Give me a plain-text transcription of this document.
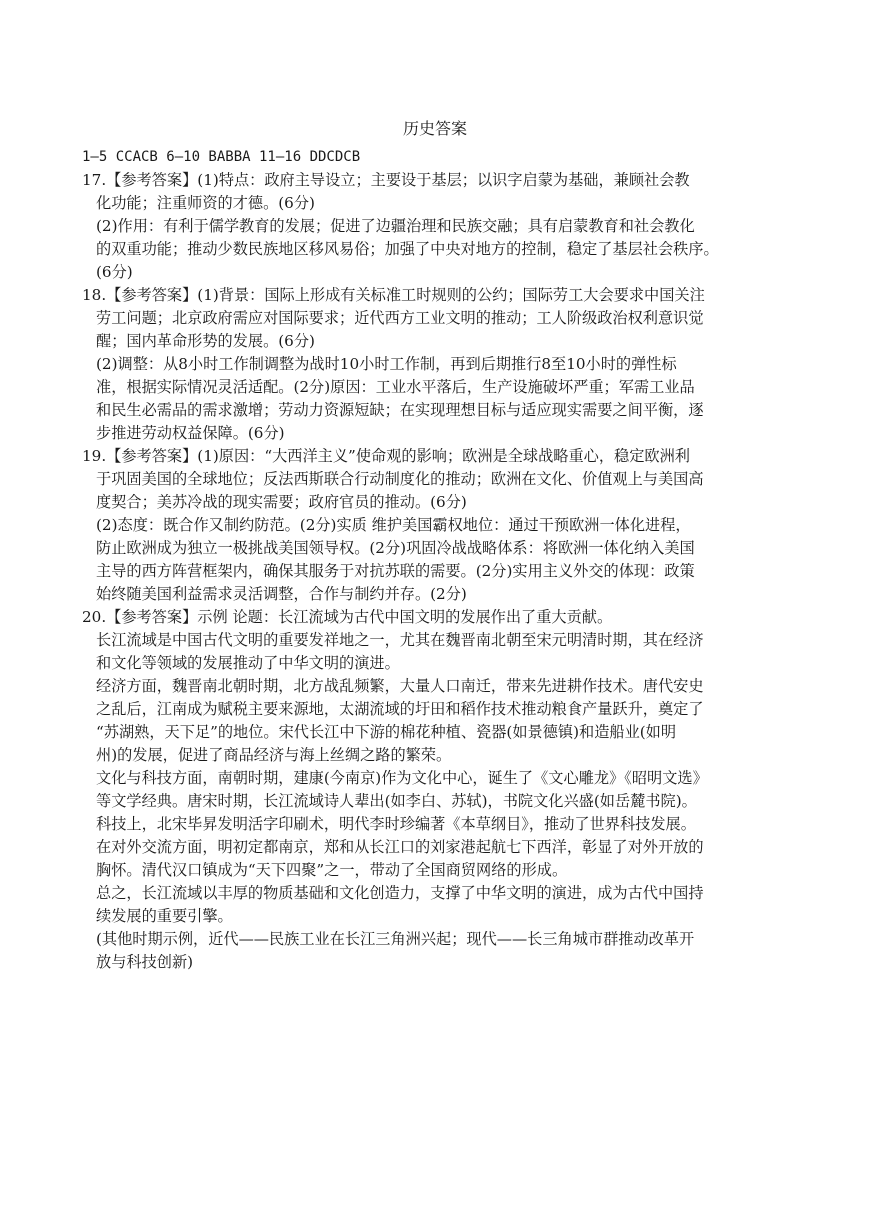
历史答案
1—5 CCACB 6—10 BABBA 11—16 DDCDCB
17.【参考答案】(1)特点：政府主导设立；主要设于基层；以识字启蒙为基础，兼顾社会教
化功能；注重师资的才德。(6分)
(2)作用：有利于儒学教育的发展；促进了边疆治理和民族交融；具有启蒙教育和社会教化
的双重功能；推动少数民族地区移风易俗；加强了中央对地方的控制，稳定了基层社会秩序。
(6分)
18.【参考答案】(1)背景：国际上形成有关标准工时规则的公约；国际劳工大会要求中国关注
劳工问题；北京政府需应对国际要求；近代西方工业文明的推动；工人阶级政治权利意识觉
醒；国内革命形势的发展。(6分)
(2)调整：从8小时工作制调整为战时10小时工作制，再到后期推行8至10小时的弹性标
准，根据实际情况灵活适配。(2分)原因：工业水平落后，生产设施破坏严重；军需工业品
和民生必需品的需求激增；劳动力资源短缺；在实现理想目标与适应现实需要之间平衡，逐
步推进劳动权益保障。(6分)
19.【参考答案】(1)原因：“大西洋主义”使命观的影响；欧洲是全球战略重心，稳定欧洲利
于巩固美国的全球地位；反法西斯联合行动制度化的推动；欧洲在文化、价值观上与美国高
度契合；美苏冷战的现实需要；政府官员的推动。(6分)
(2)态度：既合作又制约防范。(2分)实质 维护美国霸权地位：通过干预欧洲一体化进程，
防止欧洲成为独立一极挑战美国领导权。(2分)巩固冷战战略体系：将欧洲一体化纳入美国
主导的西方阵营框架内，确保其服务于对抗苏联的需要。(2分)实用主义外交的体现：政策
始终随美国利益需求灵活调整，合作与制约并存。(2分)
20.【参考答案】示例 论题：长江流域为古代中国文明的发展作出了重大贡献。
长江流域是中国古代文明的重要发祥地之一，尤其在魏晋南北朝至宋元明清时期，其在经济
和文化等领域的发展推动了中华文明的演进。
经济方面，魏晋南北朝时期，北方战乱频繁，大量人口南迁，带来先进耕作技术。唐代安史
之乱后，江南成为赋税主要来源地，太湖流域的圩田和稻作技术推动粮食产量跃升，奠定了
“苏湖熟，天下足”的地位。宋代长江中下游的棉花种植、瓷器(如景德镇)和造船业(如明
州)的发展，促进了商品经济与海上丝绸之路的繁荣。
文化与科技方面，南朝时期，建康(今南京)作为文化中心，诞生了《文心雕龙》《昭明文选》
等文学经典。唐宋时期，长江流域诗人辈出(如李白、苏轼)，书院文化兴盛(如岳麓书院)。
科技上，北宋毕昇发明活字印刷术，明代李时珍编著《本草纲目》，推动了世界科技发展。
在对外交流方面，明初定都南京，郑和从长江口的刘家港起航七下西洋，彰显了对外开放的
胸怀。清代汉口镇成为“天下四聚”之一，带动了全国商贸网络的形成。
总之，长江流域以丰厚的物质基础和文化创造力，支撑了中华文明的演进，成为古代中国持
续发展的重要引擎。
(其他时期示例，近代——民族工业在长江三角洲兴起；现代——长三角城市群推动改革开
放与科技创新)
